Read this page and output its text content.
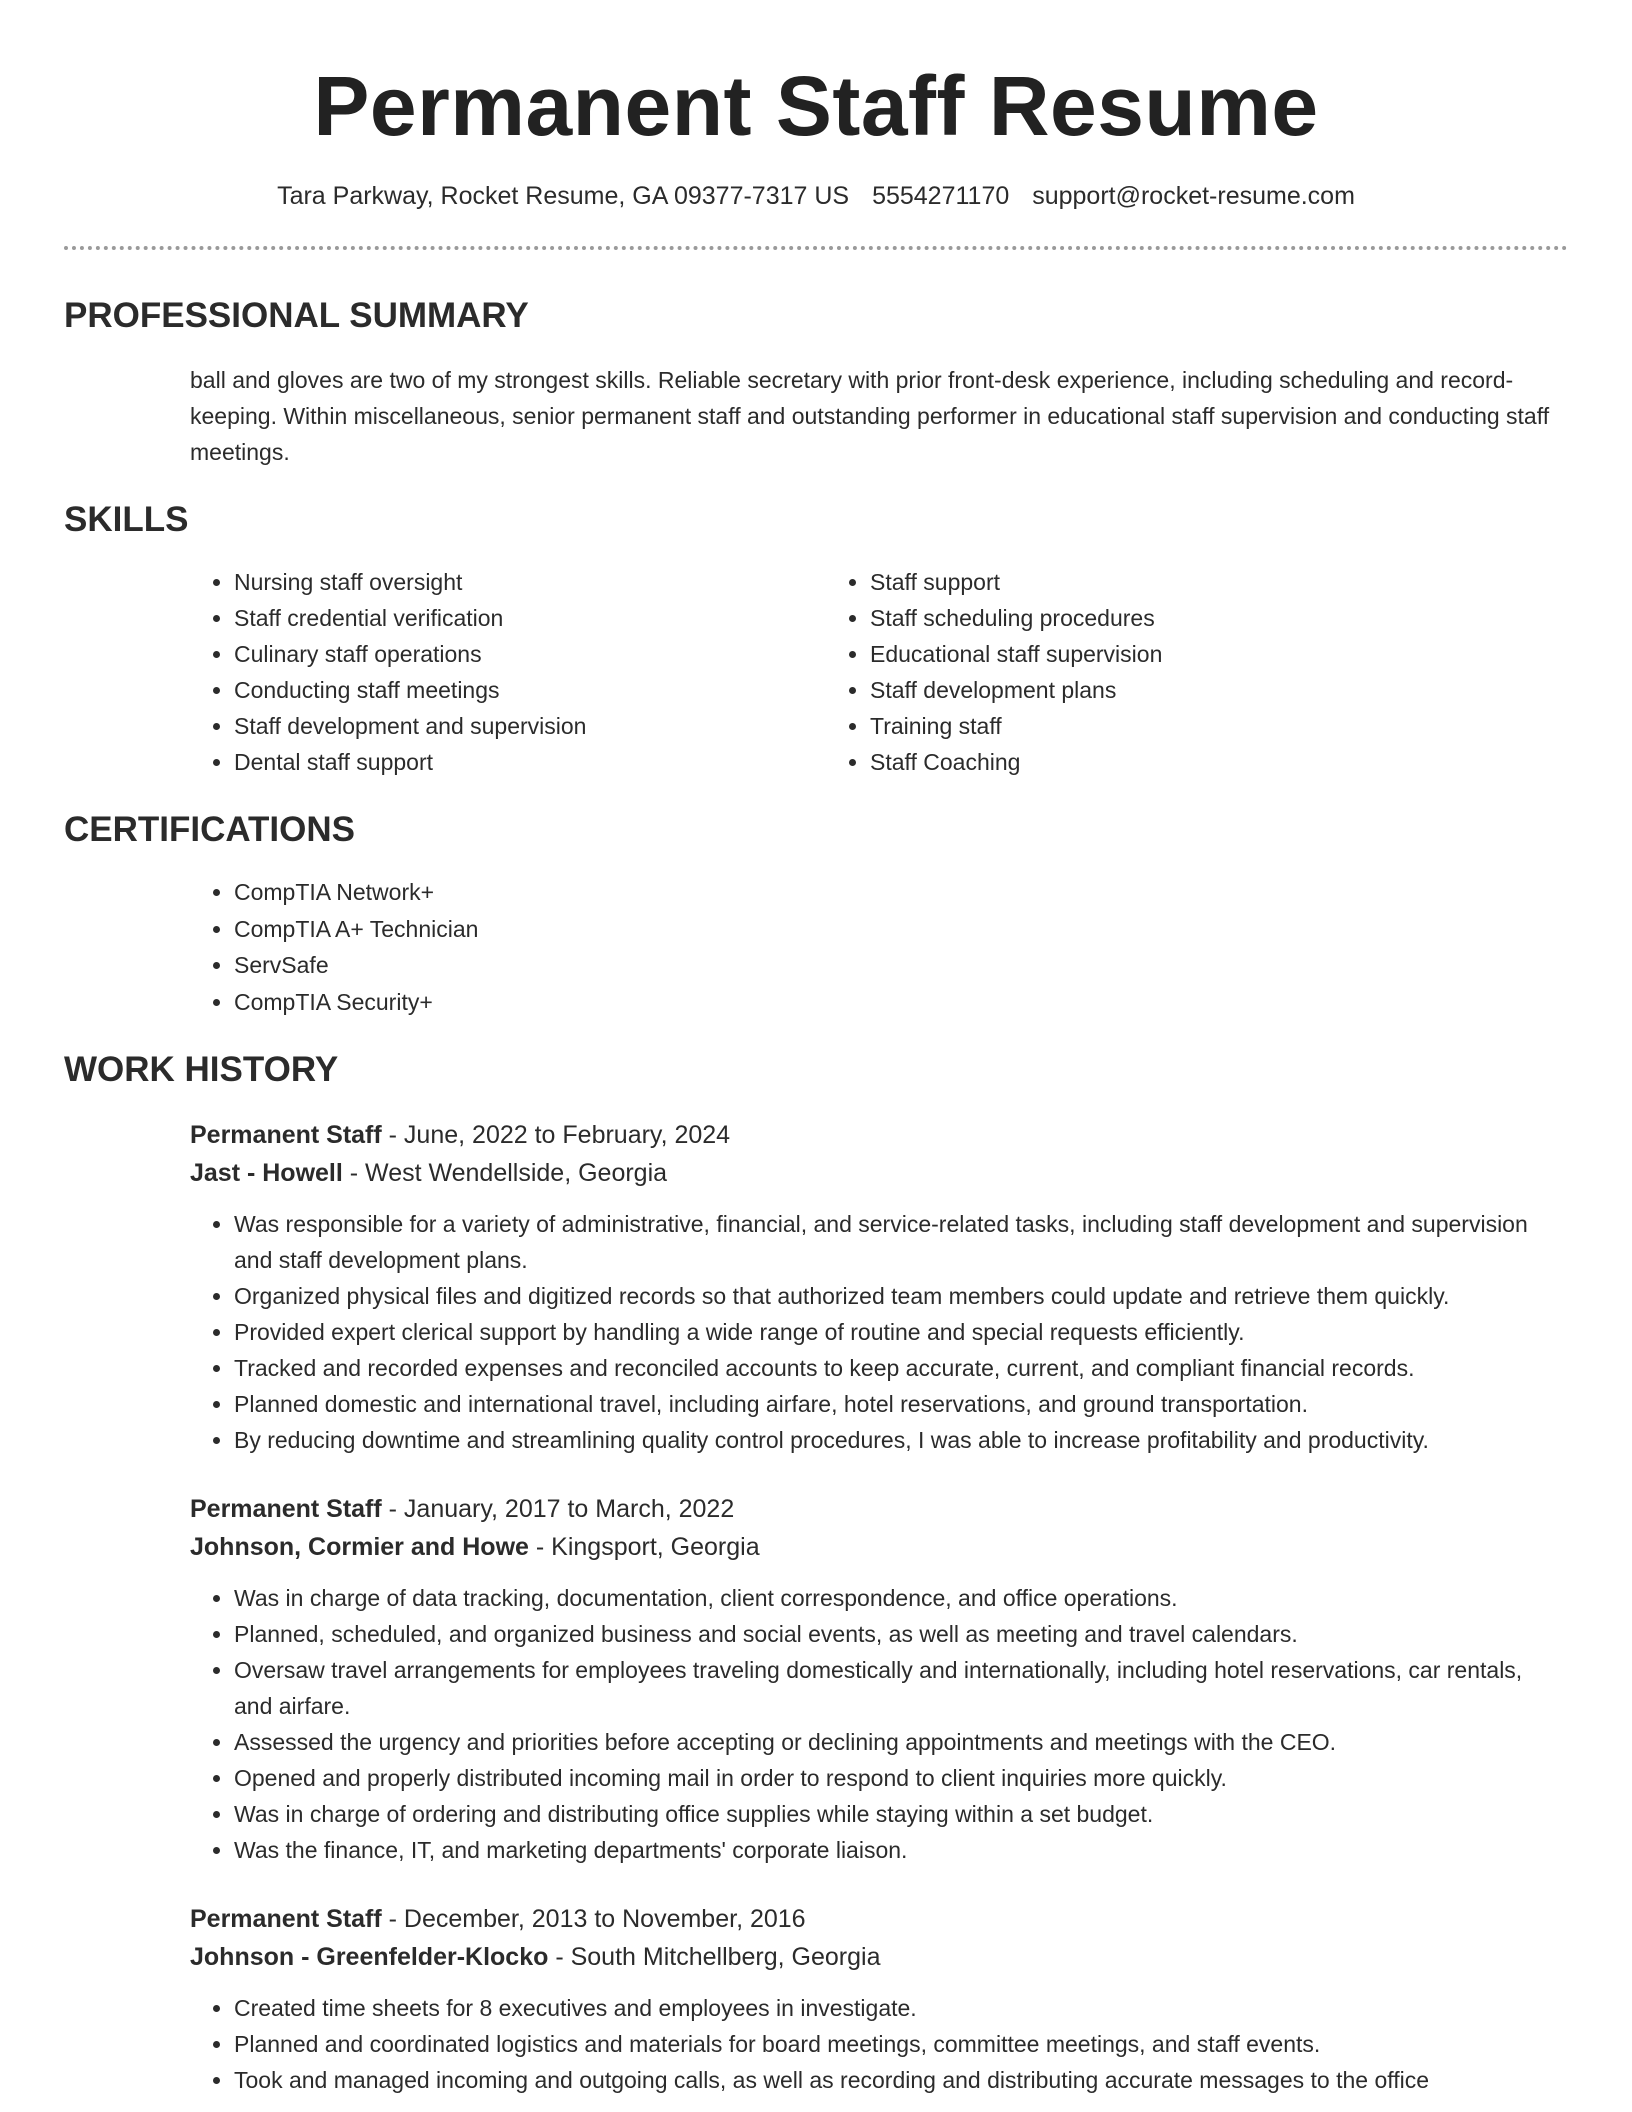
Permanent Staff Resume
Tara Parkway, Rocket Resume, GA 09377-7317 US 5554271170 support@rocket-resume.com
PROFESSIONAL SUMMARY

ball and gloves are two of my strongest skills. Reliable secretary with prior front-desk experience, including scheduling and record-keeping. Within miscellaneous, senior permanent staff and outstanding performer in educational staff supervision and conducting staff meetings.

SKILLS
• Nursing staff oversight
• Staff credential verification
• Culinary staff operations
• Conducting staff meetings
• Staff development and supervision
• Dental staff support
• Staff support
• Staff scheduling procedures
• Educational staff supervision
• Staff development plans
• Training staff
• Staff Coaching
CERTIFICATIONS
• CompTIA Network+
• CompTIA A+ Technician
• ServSafe
• CompTIA Security+
WORK HISTORY
Permanent Staff - June, 2022 to February, 2024
Jast - Howell - West Wendellside, Georgia
• Was responsible for a variety of administrative, financial, and service-related tasks, including staff development and supervision and staff development plans.
• Organized physical files and digitized records so that authorized team members could update and retrieve them quickly.
• Provided expert clerical support by handling a wide range of routine and special requests efficiently.
• Tracked and recorded expenses and reconciled accounts to keep accurate, current, and compliant financial records.
• Planned domestic and international travel, including airfare, hotel reservations, and ground transportation.
• By reducing downtime and streamlining quality control procedures, I was able to increase profitability and productivity.
Permanent Staff - January, 2017 to March, 2022
Johnson, Cormier and Howe - Kingsport, Georgia
• Was in charge of data tracking, documentation, client correspondence, and office operations.
• Planned, scheduled, and organized business and social events, as well as meeting and travel calendars.
• Oversaw travel arrangements for employees traveling domestically and internationally, including hotel reservations, car rentals, and airfare.
• Assessed the urgency and priorities before accepting or declining appointments and meetings with the CEO.
• Opened and properly distributed incoming mail in order to respond to client inquiries more quickly.
• Was in charge of ordering and distributing office supplies while staying within a set budget.
• Was the finance, IT, and marketing departments' corporate liaison.
Permanent Staff - December, 2013 to November, 2016
Johnson - Greenfelder-Klocko - South Mitchellberg, Georgia
• Created time sheets for 8 executives and employees in investigate.
• Planned and coordinated logistics and materials for board meetings, committee meetings, and staff events.
• Took and managed incoming and outgoing calls, as well as recording and distributing accurate messages to the office
